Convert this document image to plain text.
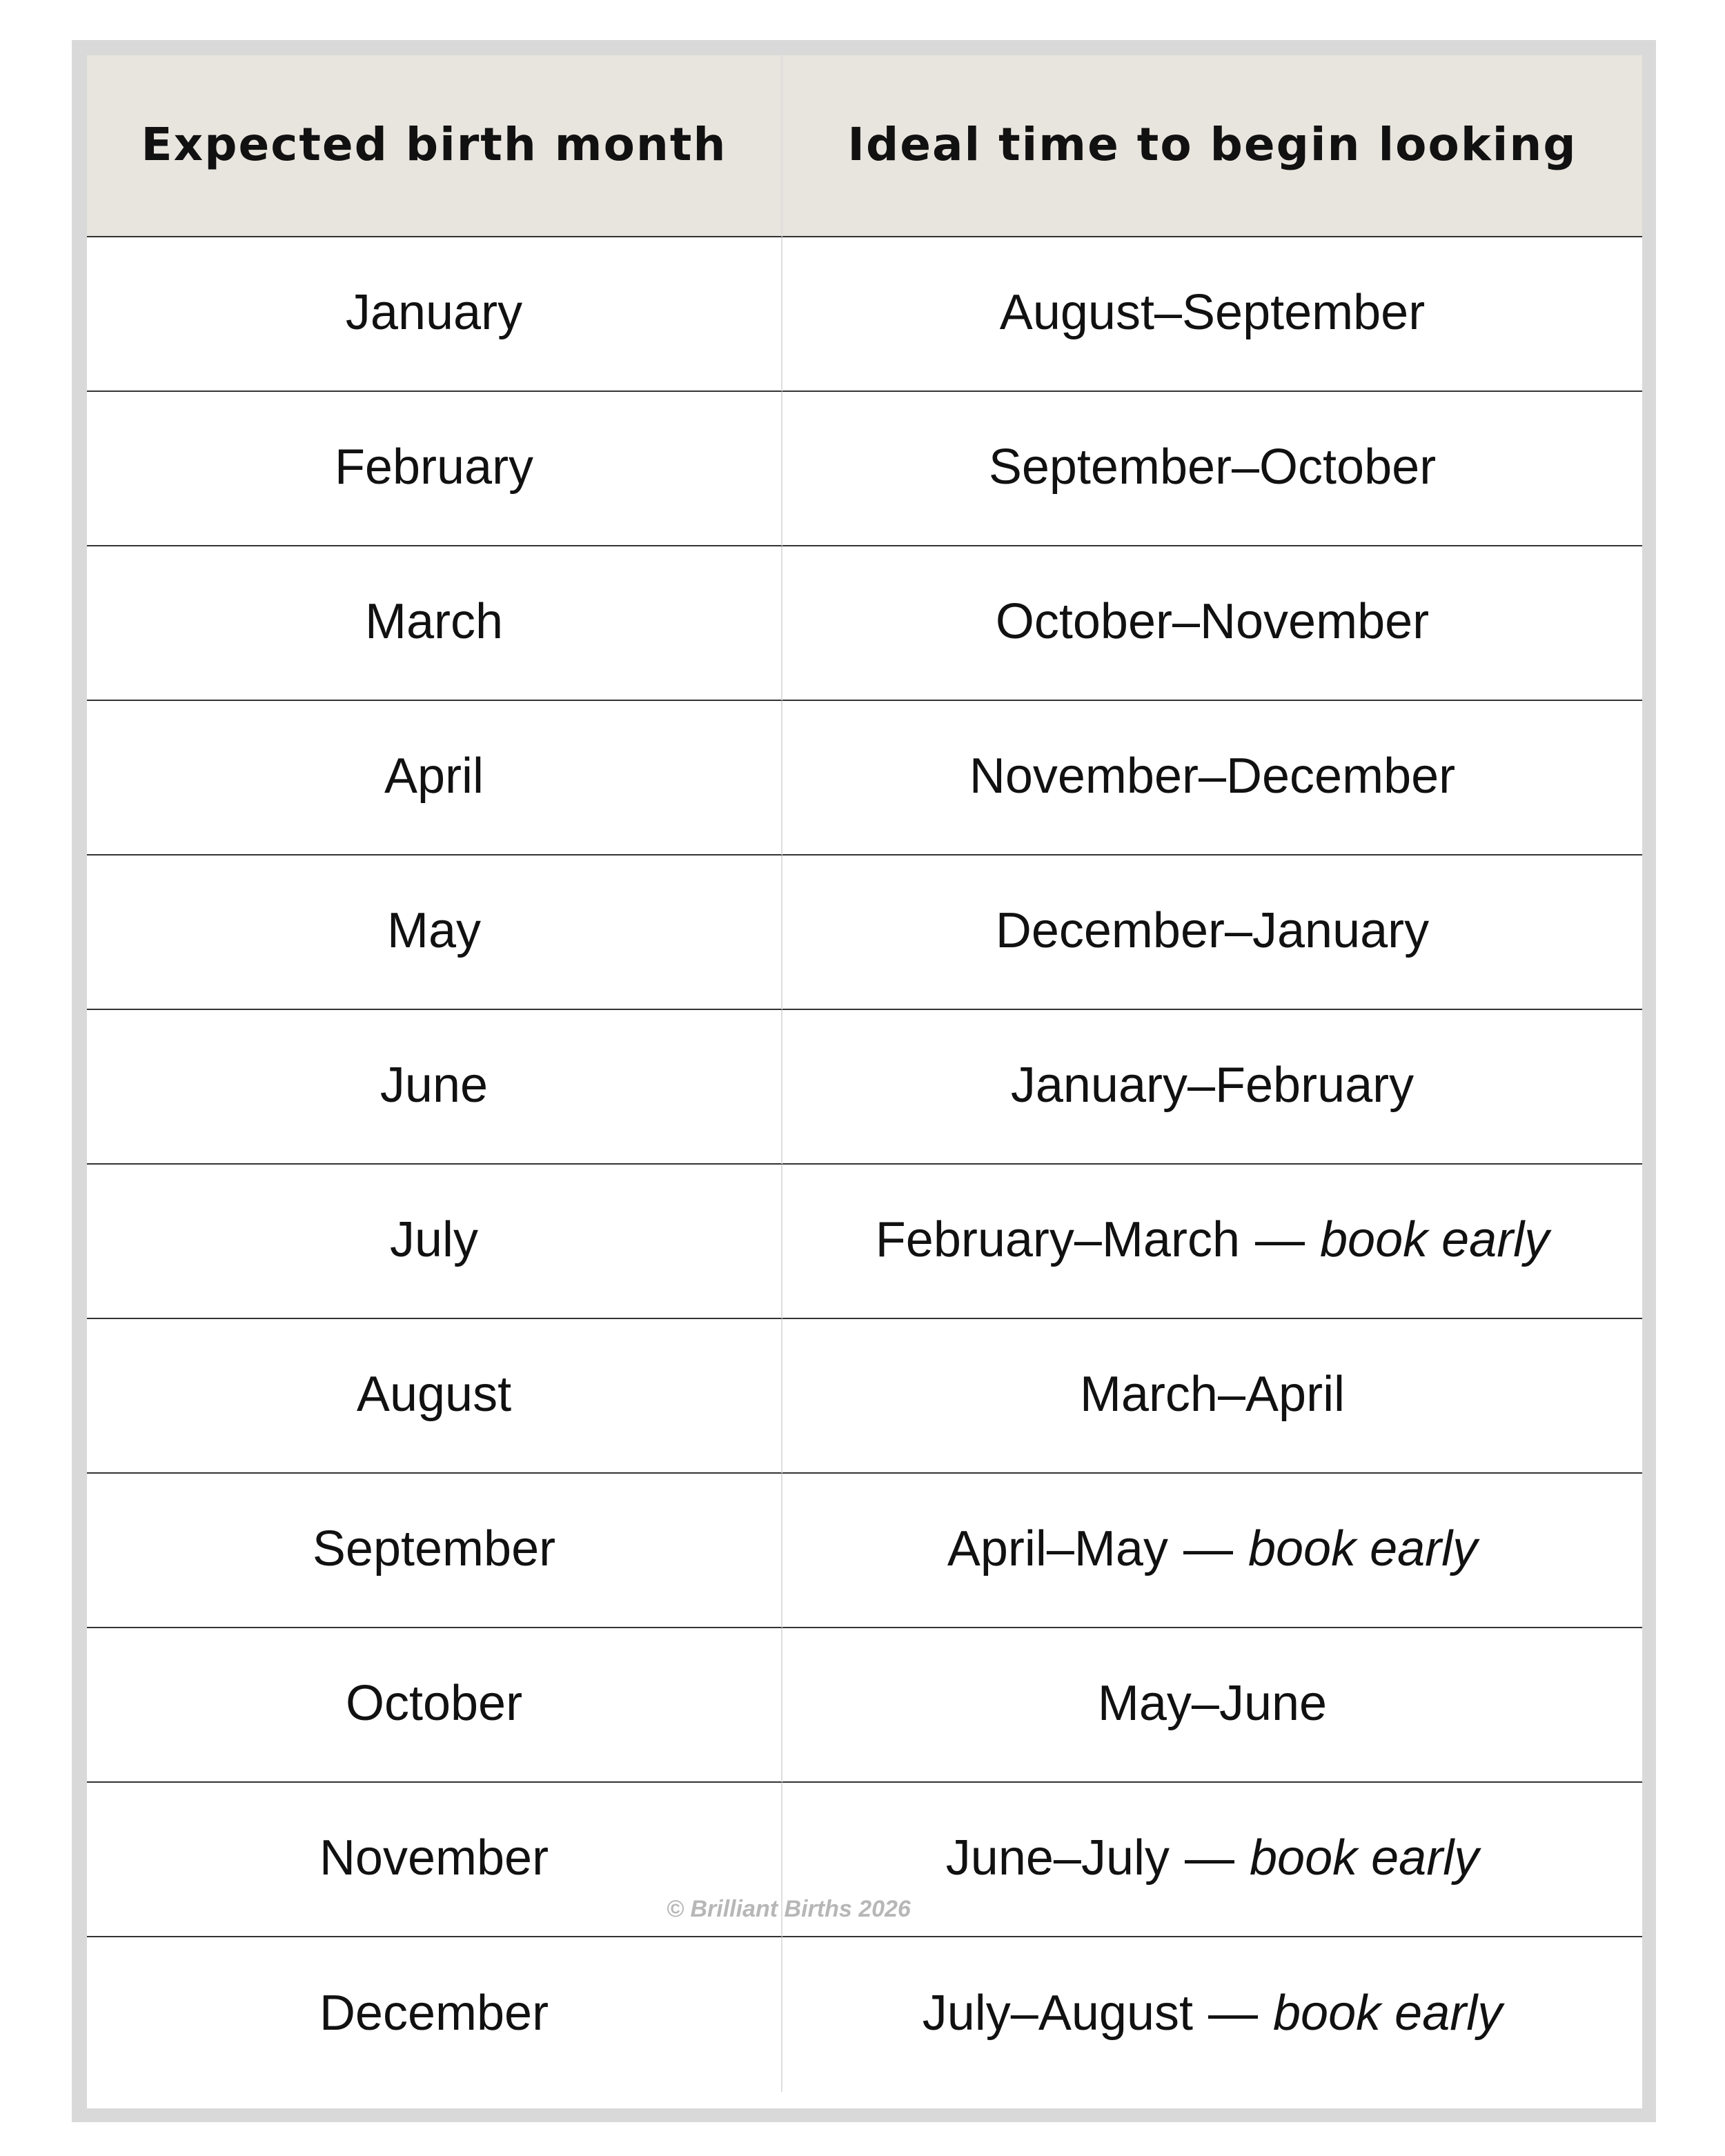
Expected birth month	Ideal time to begin looking
January	August–September
February	September–October
March	October–November
April	November–December
May	December–January
June	January–February
July	February–March — book early
August	March–April
September	April–May — book early
October	May–June
November	June–July — book early
December	July–August — book early
© Brilliant Births 2026
